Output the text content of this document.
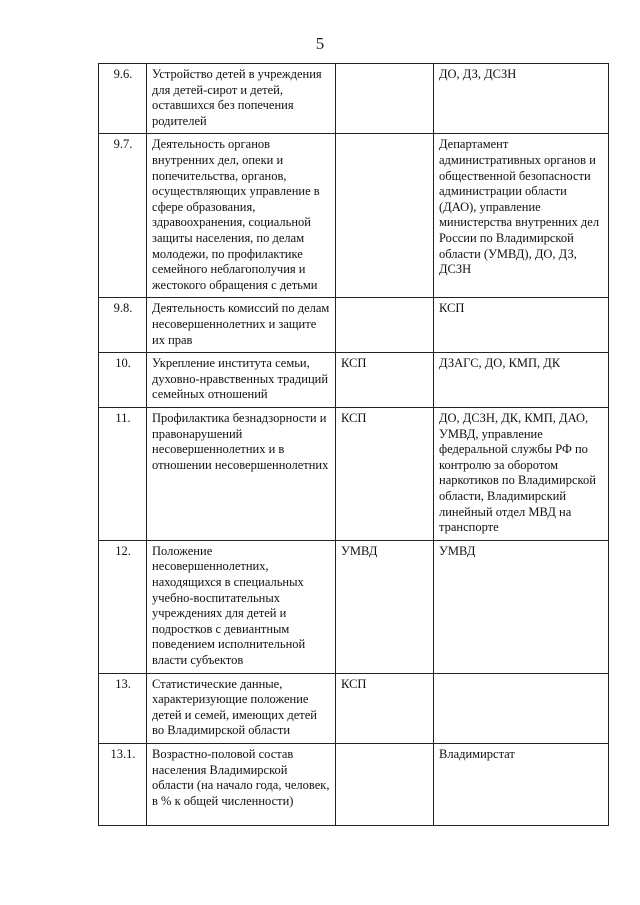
5
9.6.	Устройство детей в учреждения для детей-сирот и детей, оставшихся без попечения родителей		ДО, ДЗ, ДСЗН
9.7.	Деятельность органов внутренних дел, опеки и попечительства, органов, осуществляющих управление в сфере образования, здравоохранения, социальной защиты населения, по делам молодежи, по профилактике семейного неблагополучия и жестокого обращения с детьми		Департамент административных органов и общественной безопасности администрации области (ДАО), управление министерства внутренних дел России по Владимирской области (УМВД), ДО, ДЗ, ДСЗН
9.8.	Деятельность комиссий по делам несовершеннолетних и защите их прав		КСП
10.	Укрепление института семьи, духовно-нравственных традиций семейных отношений	КСП	ДЗАГС, ДО, КМП, ДК
11.	Профилактика безнадзорности и правонарушений несовершеннолетних и в отношении несовершеннолетних	КСП	ДО, ДСЗН, ДК, КМП, ДАО, УМВД, управление федеральной службы РФ по контролю за оборотом наркотиков по Владимирской области, Владимирский линейный отдел МВД на транспорте
12.	Положение несовершеннолетних, находящихся в специальных учебно-воспитательных учреждениях для детей и подростков с девиантным поведением исполнительной власти субъектов	УМВД	УМВД
13.	Статистические данные, характеризующие положение детей и семей, имеющих детей во Владимирской области	КСП	
13.1.	Возрастно-половой состав населения Владимирской области (на начало года, человек, в % к общей численности)		Владимирстат
